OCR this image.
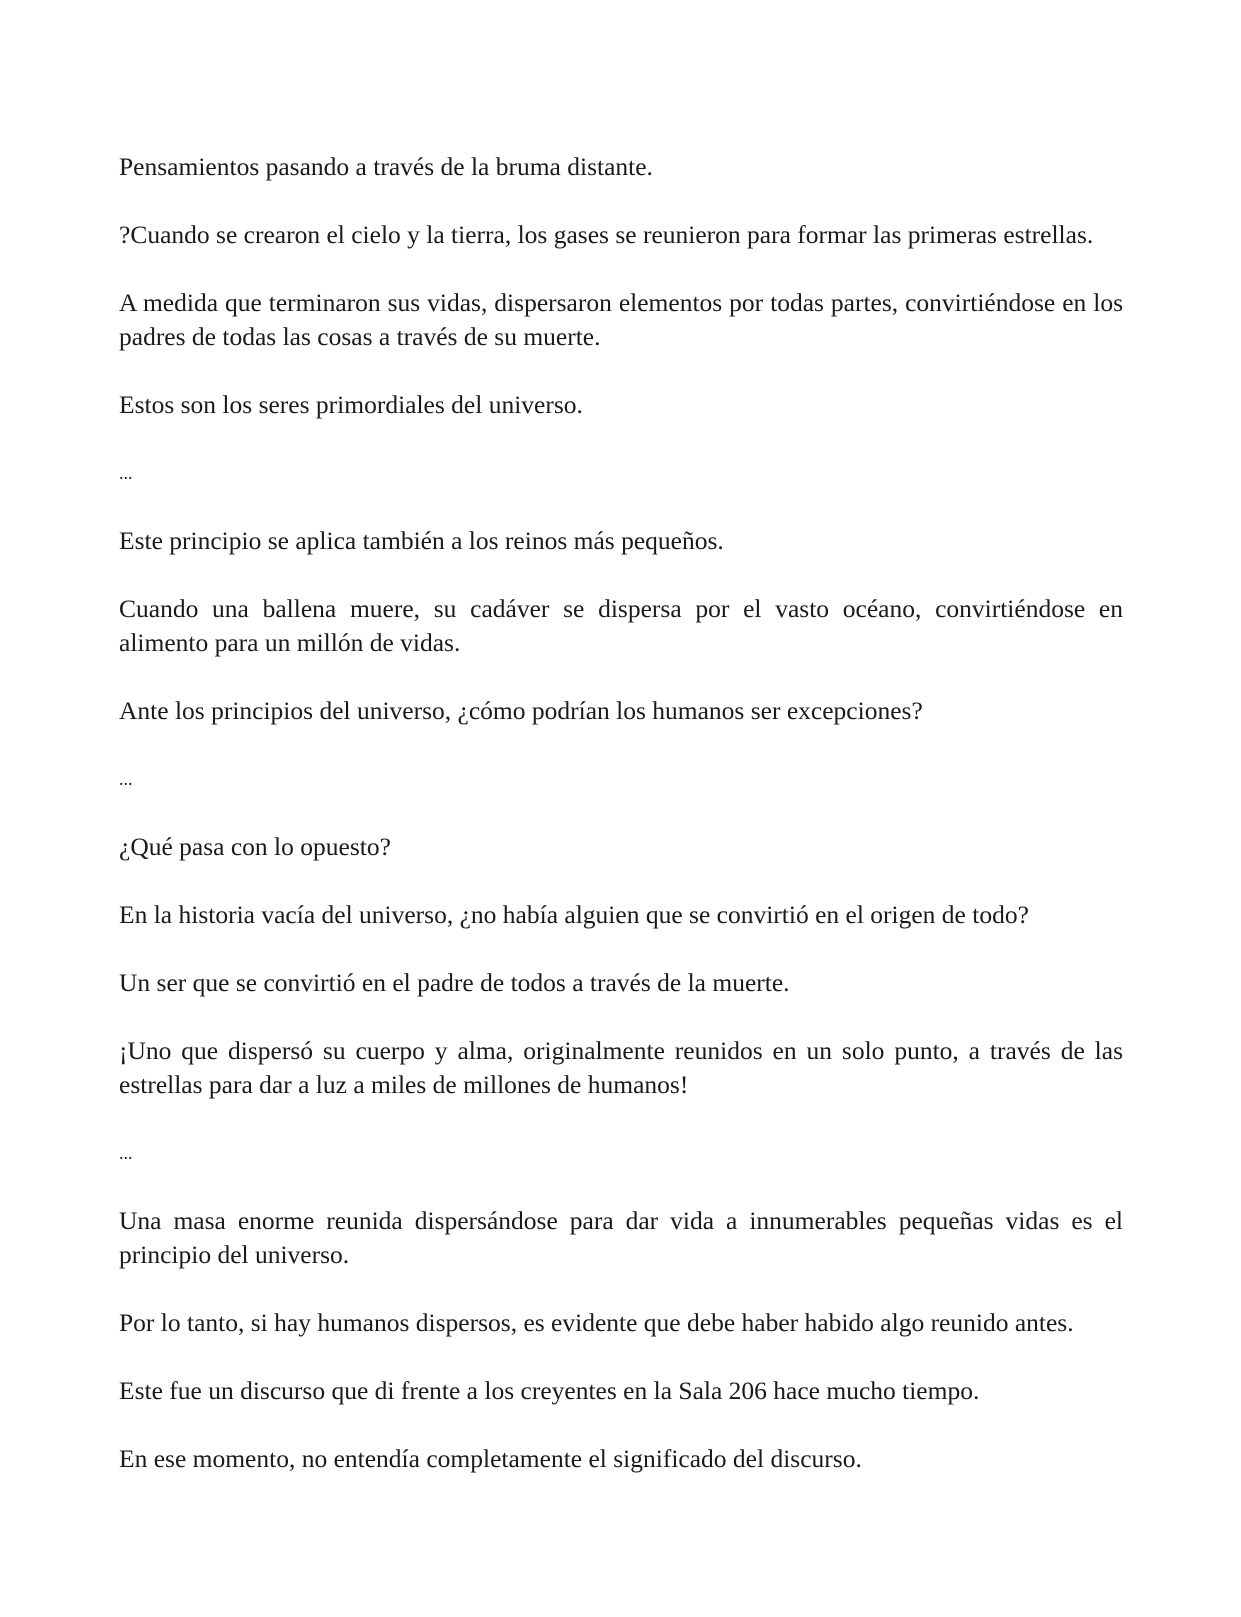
Pensamientos pasando a través de la bruma distante.

?Cuando se crearon el cielo y la tierra, los gases se reunieron para formar las primeras estrellas.

A medida que terminaron sus vidas, dispersaron elementos por todas partes, convirtiéndose en los padres de todas las cosas a través de su muerte.

Estos son los seres primordiales del universo.

...

Este principio se aplica también a los reinos más pequeños.

Cuando una ballena muere, su cadáver se dispersa por el vasto océano, convirtiéndose en alimento para un millón de vidas.

Ante los principios del universo, ¿cómo podrían los humanos ser excepciones?

...

¿Qué pasa con lo opuesto?

En la historia vacía del universo, ¿no había alguien que se convirtió en el origen de todo?

Un ser que se convirtió en el padre de todos a través de la muerte.

¡Uno que dispersó su cuerpo y alma, originalmente reunidos en un solo punto, a través de las estrellas para dar a luz a miles de millones de humanos!

...

Una masa enorme reunida dispersándose para dar vida a innumerables pequeñas vidas es el principio del universo.

Por lo tanto, si hay humanos dispersos, es evidente que debe haber habido algo reunido antes.

Este fue un discurso que di frente a los creyentes en la Sala 206 hace mucho tiempo.

En ese momento, no entendía completamente el significado del discurso.
